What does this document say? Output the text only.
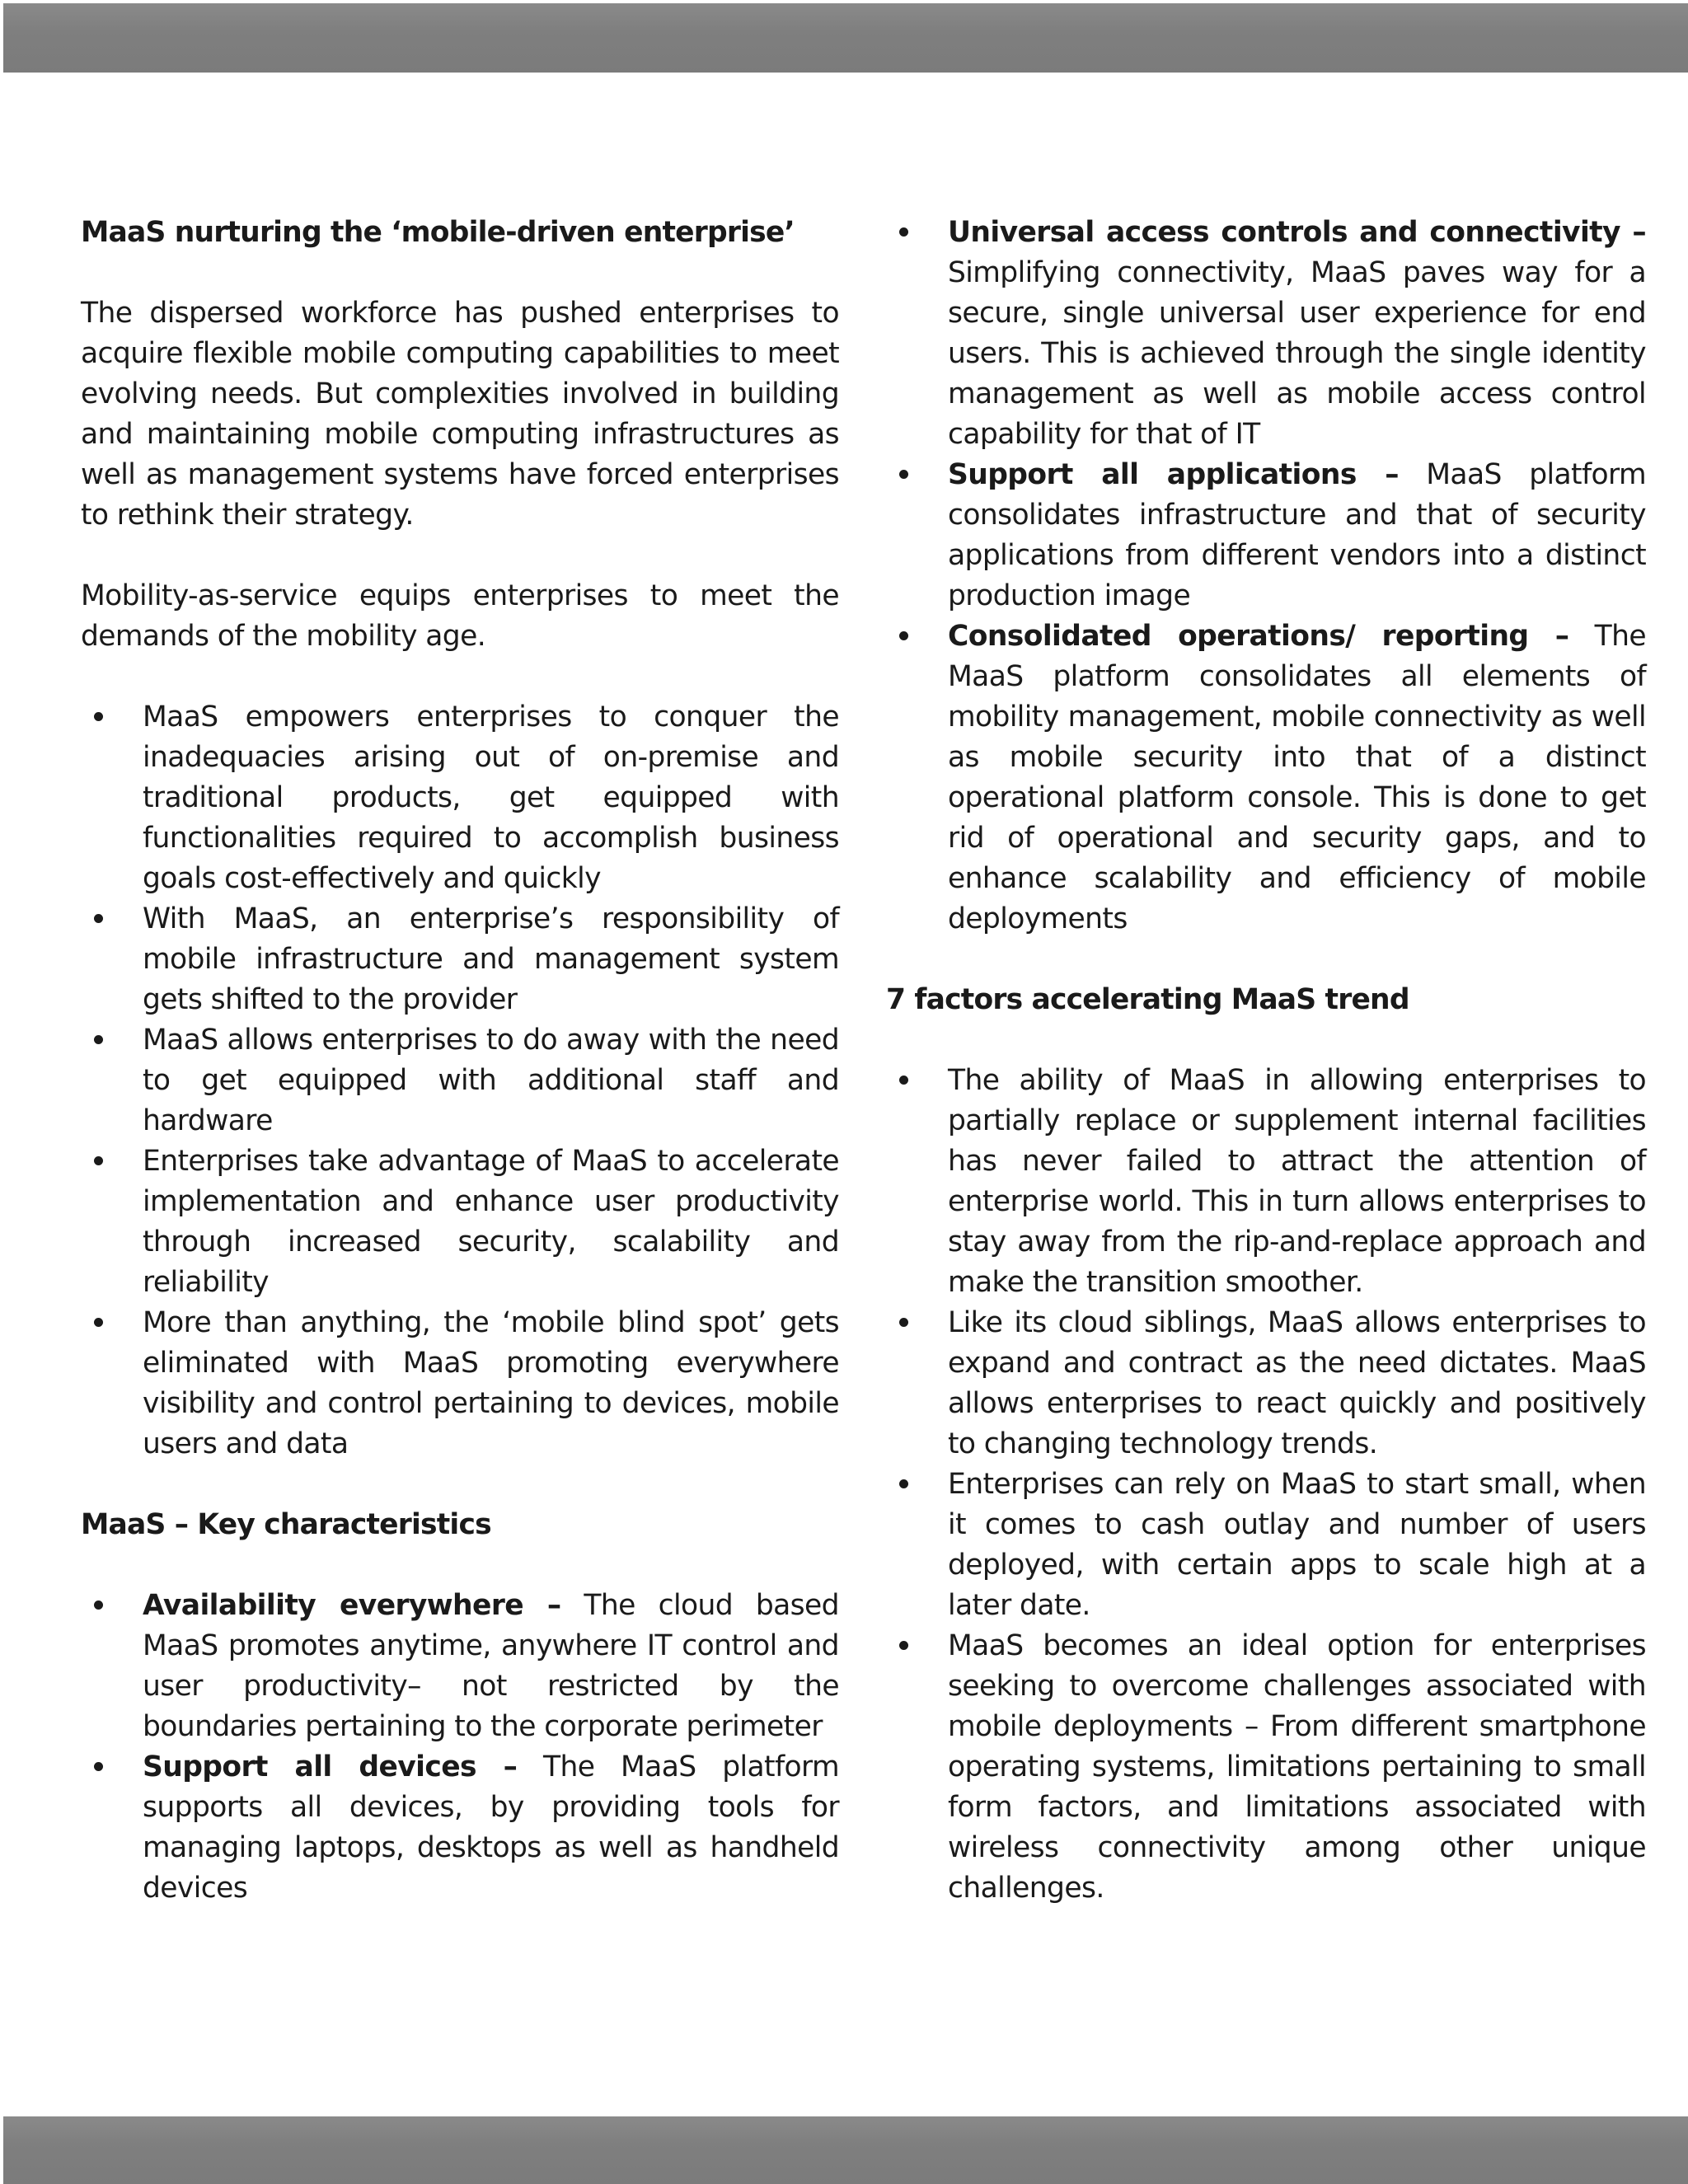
MaaS nurturing the ‘mobile-driven enterprise’
The dispersed workforce has pushed enterprises to acquire flexible mobile computing capabilities to meet evolving needs. But complexities involved in building and maintaining mobile computing infrastructures as well as management systems have forced enterprises to rethink their strategy.
Mobility-as-service equips enterprises to meet the demands of the mobility age.
MaaS empowers enterprises to conquer the inadequacies arising out of on-premise and traditional products, get equipped with functionalities required to accomplish business goals cost-effectively and quickly
With MaaS, an enterprise’s responsibility of mobile infrastructure and management system gets shifted to the provider
MaaS allows enterprises to do away with the need to get equipped with additional staff and hardware
Enterprises take advantage of MaaS to accelerate implementation and enhance user productivity through increased security, scalability and reliability
More than anything, the ‘mobile blind spot’ gets eliminated with MaaS promoting everywhere visibility and control pertaining to devices, mobile users and data
MaaS – Key characteristics
Availability everywhere – The cloud based MaaS promotes anytime, anywhere IT control and user productivity– not restricted by the boundaries pertaining to the corporate perimeter
Support all devices – The MaaS platform supports all devices, by providing tools for managing laptops, desktops as well as handheld devices
Universal access controls and connectivity – Simplifying connectivity, MaaS paves way for a secure, single universal user experience for end users. This is achieved through the single identity management as well as mobile access control capability for that of IT
Support all applications – MaaS platform consolidates infrastructure and that of security applications from different vendors into a distinct production image
Consolidated operations/ reporting – The MaaS platform consolidates all elements of mobility management, mobile connectivity as well as mobile security into that of a distinct operational platform console. This is done to get rid of operational and security gaps, and to enhance scalability and efficiency of mobile deployments
7 factors accelerating MaaS trend
The ability of MaaS in allowing enterprises to partially replace or supplement internal facilities has never failed to attract the attention of enterprise world. This in turn allows enterprises to stay away from the rip-and-replace approach and make the transition smoother.
Like its cloud siblings, MaaS allows enterprises to expand and contract as the need dictates. MaaS allows enterprises to react quickly and positively to changing technology trends.
Enterprises can rely on MaaS to start small, when it comes to cash outlay and number of users deployed, with certain apps to scale high at a later date.
MaaS becomes an ideal option for enterprises seeking to overcome challenges associated with mobile deployments – From different smartphone operating systems, limitations pertaining to small form factors, and limitations associated with wireless connectivity among other unique challenges.
